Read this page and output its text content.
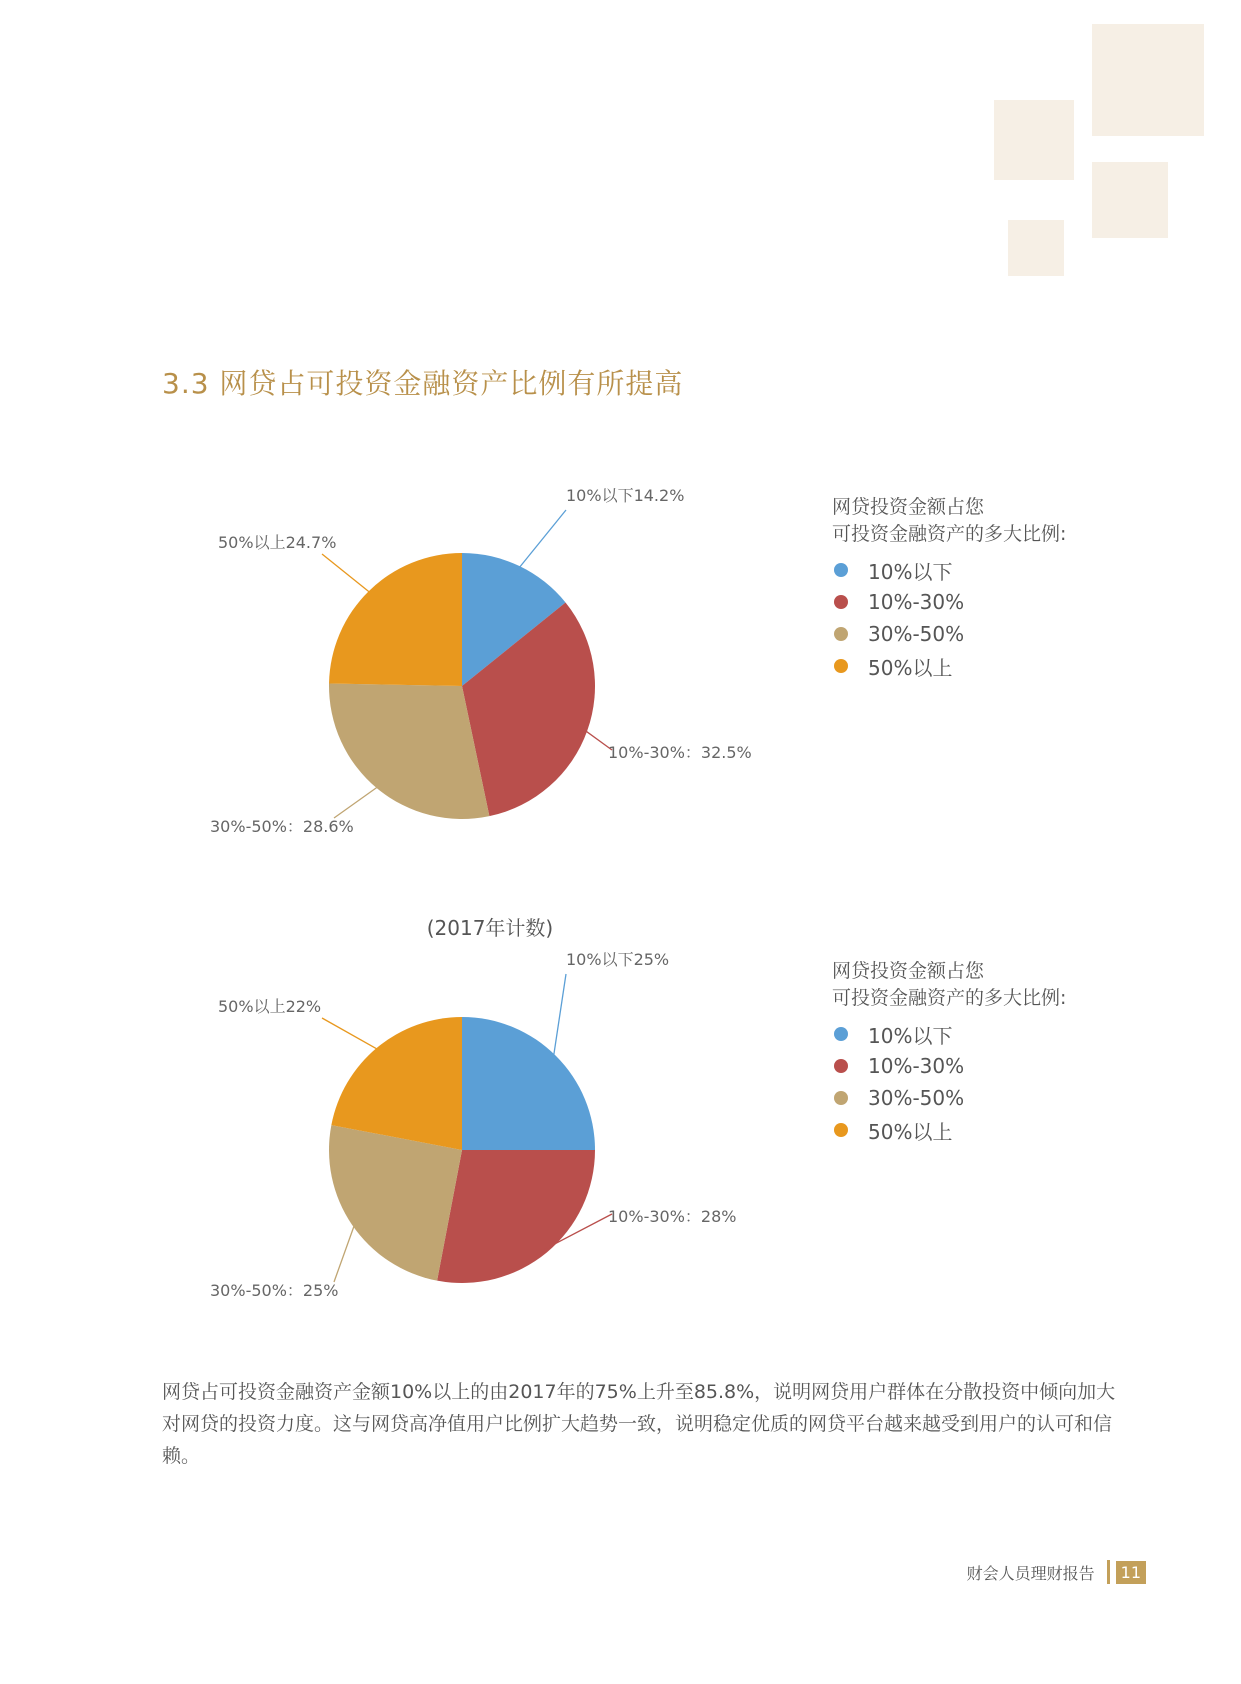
3.3 网贷占可投资金融资产比例有所提高
10%以下14.2%
10%-30%：32.5%
30%-50%：28.6%
50%以上24.7%
网贷投资金额占您
可投资金融资产的多大比例:
10%以下
10%-30%
30%-50%
50%以上
(2017年计数)
10%以下25%
10%-30%：28%
30%-50%：25%
50%以上22%
网贷投资金额占您
可投资金融资产的多大比例:
10%以下
10%-30%
30%-50%
50%以上

网贷占可投资金融资产金额10%以上的由2017年的75%上升至85.8%，说明网贷用户群体在分散投资中倾向加大对网贷的投资力度。这与网贷高净值用户比例扩大趋势一致，说明稳定优质的网贷平台越来越受到用户的认可和信赖。

财会人员理财报告	11
